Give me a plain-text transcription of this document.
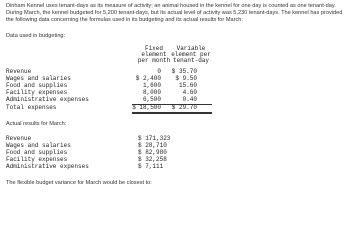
Dinham Kennel uses tenant-days as its measure of activity; an animal housed in the kennel for one day is counted as one tenant-day. During March, the kennel budgeted for 5,200 tenant-days, but its actual level of activity was 5,230 tenant-days. The kennel has provided the following data concerning the formulas used in its budgeting and its actual results for March:
Data used in budgeting:
Fixed
element
per month
Variable
element per
tenant-day
Revenue	0 $ 35.70
Wages and salaries	$ 2,400 $ 9.50
Food and supplies	1,600	15.60
Facility expenses	8,000	4.60
Administrative expenses	6,500	0.40
Total expenses	$ 18,500 $ 29.70
Actual results for March:
Revenue	$ 171,323
Wages and salaries	$ 28,710
Food and supplies	$ 82,980
Facility expenses	$ 32,258
Administrative expenses	$ 7,111
The flexible budget variance for March would be closest to:
